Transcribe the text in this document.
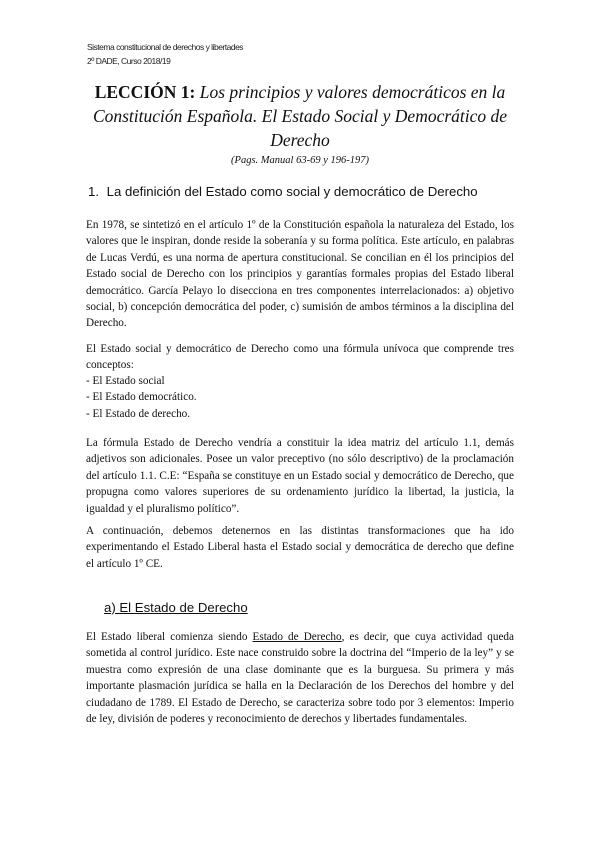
Sistema constitucional de derechos y libertades
2º DADE, Curso 2018/19
LECCIÓN 1: Los principios y valores democráticos en la Constitución Española. El Estado Social y Democrático de Derecho
(Pags. Manual 63-69 y 196-197)
1. La definición del Estado como social y democrático de Derecho

En 1978, se sintetizó en el artículo 1º de la Constitución española la naturaleza del Estado, los valores que le inspiran, donde reside la soberanía y su forma política. Este artículo, en palabras de Lucas Verdú, es una norma de apertura constitucional. Se concilian en él los principios del Estado social de Derecho con los principios y garantías formales propias del Estado liberal democrático. García Pelayo lo disecciona en tres componentes interrelacionados: a) objetivo social, b) concepción democrática del poder, c) sumisión de ambos términos a la disciplina del Derecho.

El Estado social y democrático de Derecho como una fórmula unívoca que comprende tres conceptos:

- El Estado social
- El Estado democrático.
- El Estado de derecho.

La fórmula Estado de Derecho vendría a constituir la idea matriz del artículo 1.1, demás adjetivos son adicionales. Posee un valor preceptivo (no sólo descriptivo) de la proclamación del artículo 1.1. C.E: “España se constituye en un Estado social y democrático de Derecho, que propugna como valores superiores de su ordenamiento jurídico la libertad, la justicia, la igualdad y el pluralismo político”.

A continuación, debemos detenernos en las distintas transformaciones que ha ido experimentando el Estado Liberal hasta el Estado social y democrática de derecho que define el artículo 1º CE.

a) El Estado de Derecho

El Estado liberal comienza siendo Estado de Derecho, es decir, que cuya actividad queda sometida al control jurídico. Este nace construido sobre la doctrina del “Imperio de la ley” y se muestra como expresión de una clase dominante que es la burguesa. Su primera y más importante plasmación jurídica se halla en la Declaración de los Derechos del hombre y del ciudadano de 1789. El Estado de Derecho, se caracteriza sobre todo por 3 elementos: Imperio de ley, división de poderes y reconocimiento de derechos y libertades fundamentales.
